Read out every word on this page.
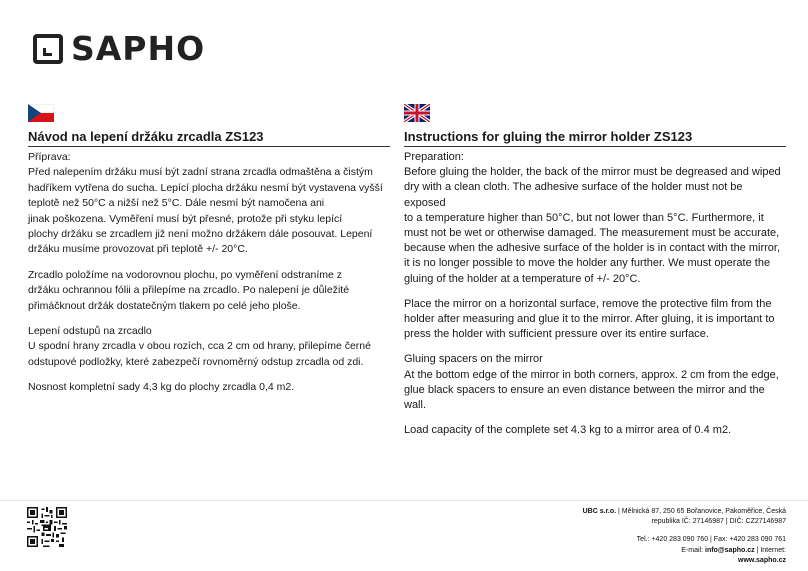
SAPHO
Návod na lepení držáku zrcadla ZS123

Příprava:

Před nalepením držáku musí být zadní strana zrcadla odmaštěna a čistým

hadříkem vytřena do sucha. Lepící plocha držáku nesmí být vystavena vyšší

teplotě než 50°C a nižší než 5°C. Dále nesmí být namočena ani

jinak poškozena. Vyměření musí být přesné, protože při styku lepící

plochy držáku se zrcadlem již není možno držákem dále posouvat. Lepení

držáku musíme provozovat při teplotě +/- 20°C.

Zrcadlo položíme na vodorovnou plochu, po vyměření odstraníme z

držáku ochrannou fólii a přilepíme na zrcadlo. Po nalepení je důležité

přimáčknout držák dostatečným tlakem po celé jeho ploše.

Lepení odstupů na zrcadlo

U spodní hrany zrcadla v obou rozích, cca 2 cm od hrany, přilepíme černé

odstupové podložky, které zabezpečí rovnoměrný odstup zrcadla od zdi.

Nosnost kompletní sady 4,3 kg do plochy zrcadla 0,4 m2.

Instructions for gluing the mirror holder ZS123

Preparation:

Before gluing the holder, the back of the mirror must be degreased and wiped

dry with a clean cloth. The adhesive surface of the holder must not be exposed

to a temperature higher than 50°C, but not lower than 5°C. Furthermore, it

must not be wet or otherwise damaged. The measurement must be accurate,

because when the adhesive surface of the holder is in contact with the mirror,

it is no longer possible to move the holder any further. We must operate the

gluing of the holder at a temperature of +/- 20°C.

Place the mirror on a horizontal surface, remove the protective film from the

holder after measuring and glue it to the mirror. After gluing, it is important to

press the holder with sufficient pressure over its entire surface.

Gluing spacers on the mirror

At the bottom edge of the mirror in both corners, approx. 2 cm from the edge,

glue black spacers to ensure an even distance between the mirror and the wall.

Load capacity of the complete set 4.3 kg to a mirror area of 0.4 m2.

UBC s.r.o. | Mělnická 87, 250 65 Bořanovice, Pakoměřice, Česká
republika IČ: 27146987 | DIČ: CZ27146987
Tel.: +420 283 090 760 | Fax: +420 283 090 761
E-mail: info@sapho.cz | Internet:
www.sapho.cz
